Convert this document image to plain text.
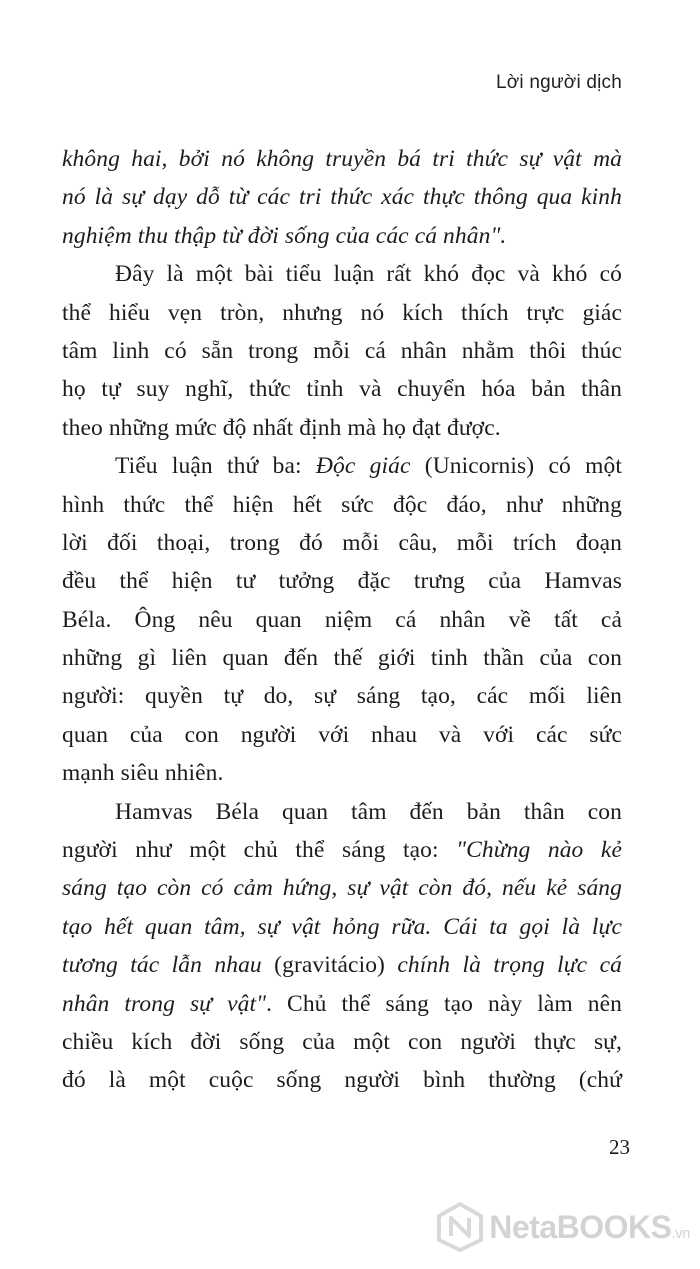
Lời người dịch
không hai, bởi nó không truyền bá tri thức sự vật mà
nó là sự dạy dỗ từ các tri thức xác thực thông qua kinh
nghiệm thu thập từ đời sống của các cá nhân".
Đây là một bài tiểu luận rất khó đọc và khó có
thể hiểu vẹn tròn, nhưng nó kích thích trực giác
tâm linh có sẵn trong mỗi cá nhân nhằm thôi thúc
họ tự suy nghĩ, thức tỉnh và chuyển hóa bản thân
theo những mức độ nhất định mà họ đạt được.
Tiểu luận thứ ba: Độc giác (Unicornis) có một
hình thức thể hiện hết sức độc đáo, như những
lời đối thoại, trong đó mỗi câu, mỗi trích đoạn
đều thể hiện tư tưởng đặc trưng của Hamvas
Béla. Ông nêu quan niệm cá nhân về tất cả
những gì liên quan đến thế giới tinh thần của con
người: quyền tự do, sự sáng tạo, các mối liên
quan của con người với nhau và với các sức
mạnh siêu nhiên.
Hamvas Béla quan tâm đến bản thân con
người như một chủ thể sáng tạo: "Chừng nào kẻ
sáng tạo còn có cảm hứng, sự vật còn đó, nếu kẻ sáng
tạo hết quan tâm, sự vật hỏng rữa. Cái ta gọi là lực
tương tác lẫn nhau (gravitácio) chính là trọng lực cá
nhân trong sự vật". Chủ thể sáng tạo này làm nên
chiều kích đời sống của một con người thực sự,
đó là một cuộc sống người bình thường (chứ
23
NetaBOOKS.vn
